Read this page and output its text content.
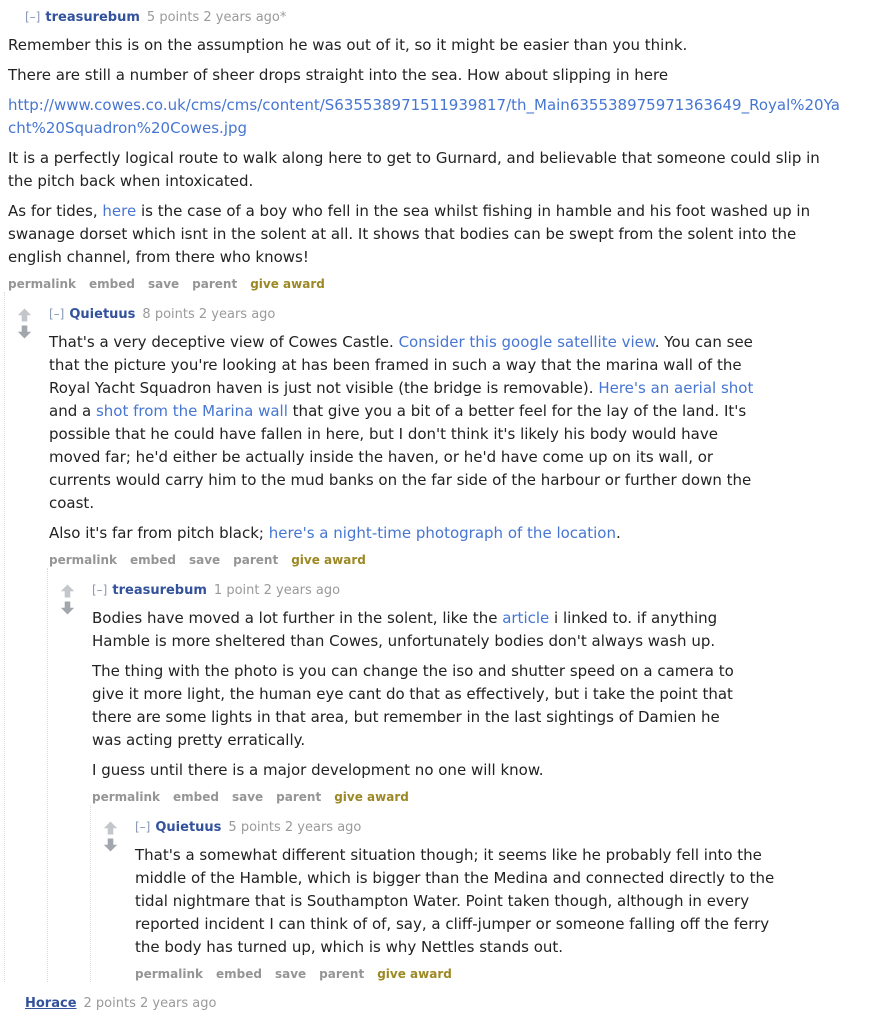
[–] treasurebum 5 points 2 years ago*

Remember this is on the assumption he was out of it, so it might be easier than you think.

There are still a number of sheer drops straight into the sea. How about slipping in here

http://www.cowes.co.uk/cms/cms/content/S635538971511939817/th_Main635538975971363649_Royal%20Yacht%20Squadron%20Cowes.jpg

It is a perfectly logical route to walk along here to get to Gurnard, and believable that someone could slip in the pitch back when intoxicated.

As for tides, here is the case of a boy who fell in the sea whilst fishing in hamble and his foot washed up in swanage dorset which isnt in the solent at all. It shows that bodies can be swept from the solent into the english channel, from there who knows!

permalink embed save parent give award
[–] Quietuus 8 points 2 years ago

That's a very deceptive view of Cowes Castle. Consider this google satellite view. You can see that the picture you're looking at has been framed in such a way that the marina wall of the Royal Yacht Squadron haven is just not visible (the bridge is removable). Here's an aerial shot and a shot from the Marina wall that give you a bit of a better feel for the lay of the land. It's possible that he could have fallen in here, but I don't think it's likely his body would have moved far; he'd either be actually inside the haven, or he'd have come up on its wall, or currents would carry him to the mud banks on the far side of the harbour or further down the coast.

Also it's far from pitch black; here's a night-time photograph of the location.

permalink embed save parent give award
[–] treasurebum 1 point 2 years ago

Bodies have moved a lot further in the solent, like the article i linked to. if anything Hamble is more sheltered than Cowes, unfortunately bodies don't always wash up.

The thing with the photo is you can change the iso and shutter speed on a camera to give it more light, the human eye cant do that as effectively, but i take the point that there are some lights in that area, but remember in the last sightings of Damien he was acting pretty erratically.

I guess until there is a major development no one will know.

permalink embed save parent give award
[–] Quietuus 5 points 2 years ago

That's a somewhat different situation though; it seems like he probably fell into the middle of the Hamble, which is bigger than the Medina and connected directly to the tidal nightmare that is Southampton Water. Point taken though, although in every reported incident I can think of of, say, a cliff-jumper or someone falling off the ferry the body has turned up, which is why Nettles stands out.

permalink embed save parent give award
Horace 2 points 2 years ago
